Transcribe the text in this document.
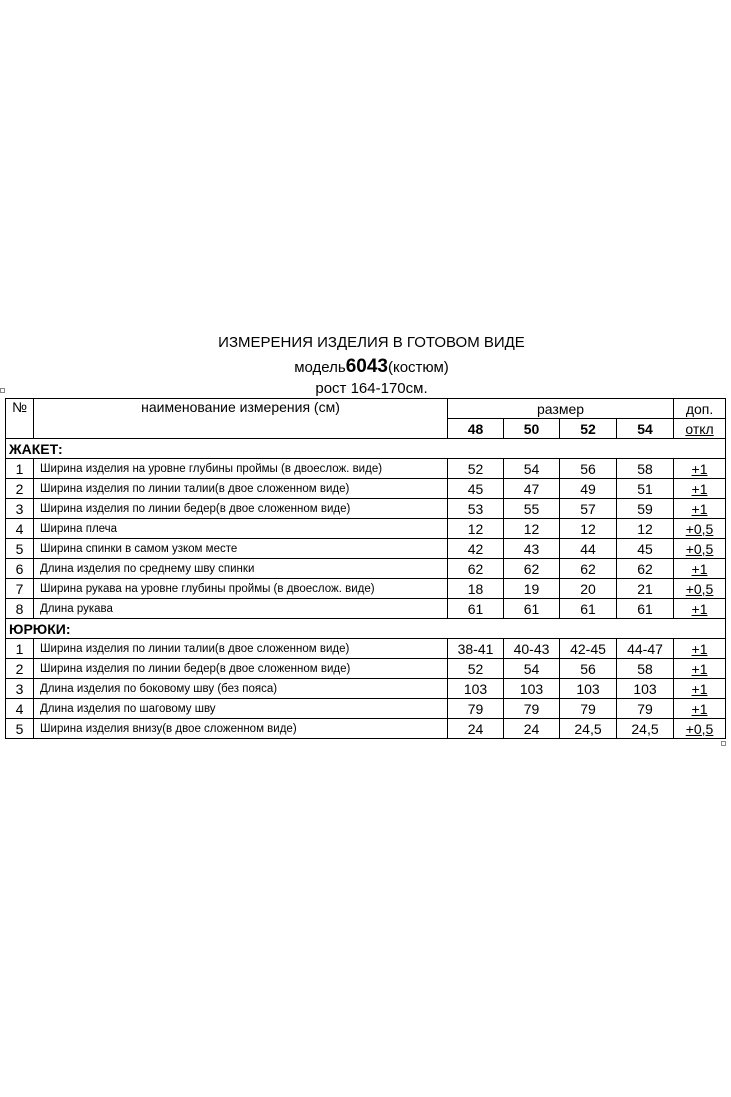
ИЗМЕРЕНИЯ ИЗДЕЛИЯ В ГОТОВОМ ВИДЕ
модель6043(костюм)
рост 164-170см.
№	наименование измерения (см)	размер				доп.
		48	50	52	54	откл
ЖАКЕТ:						
1	Ширина изделия на уровне глубины проймы (в двоеслож. виде)	52	54	56	58	+1
2	Ширина изделия по линии талии(в двое сложенном виде)	45	47	49	51	+1
3	Ширина изделия по линии бедер(в двое сложенном виде)	53	55	57	59	+1
4	Ширина плеча	12	12	12	12	+0,5
5	Ширина спинки в самом узком месте	42	43	44	45	+0,5
6	Длина изделия по среднему шву спинки	62	62	62	62	+1
7	Ширина рукава на уровне глубины проймы (в двоеслож. виде)	18	19	20	21	+0,5
8	Длина рукава	61	61	61	61	+1
ЮРЮКИ:						
1	Ширина изделия по линии талии(в двое сложенном виде)	38-41	40-43	42-45	44-47	+1
2	Ширина изделия по линии бедер(в двое сложенном виде)	52	54	56	58	+1
3	Длина изделия по боковому шву (без пояса)	103	103	103	103	+1
4	Длина изделия по шаговому шву	79	79	79	79	+1
5	Ширина изделия внизу(в двое сложенном виде)	24	24	24,5	24,5	+0,5
